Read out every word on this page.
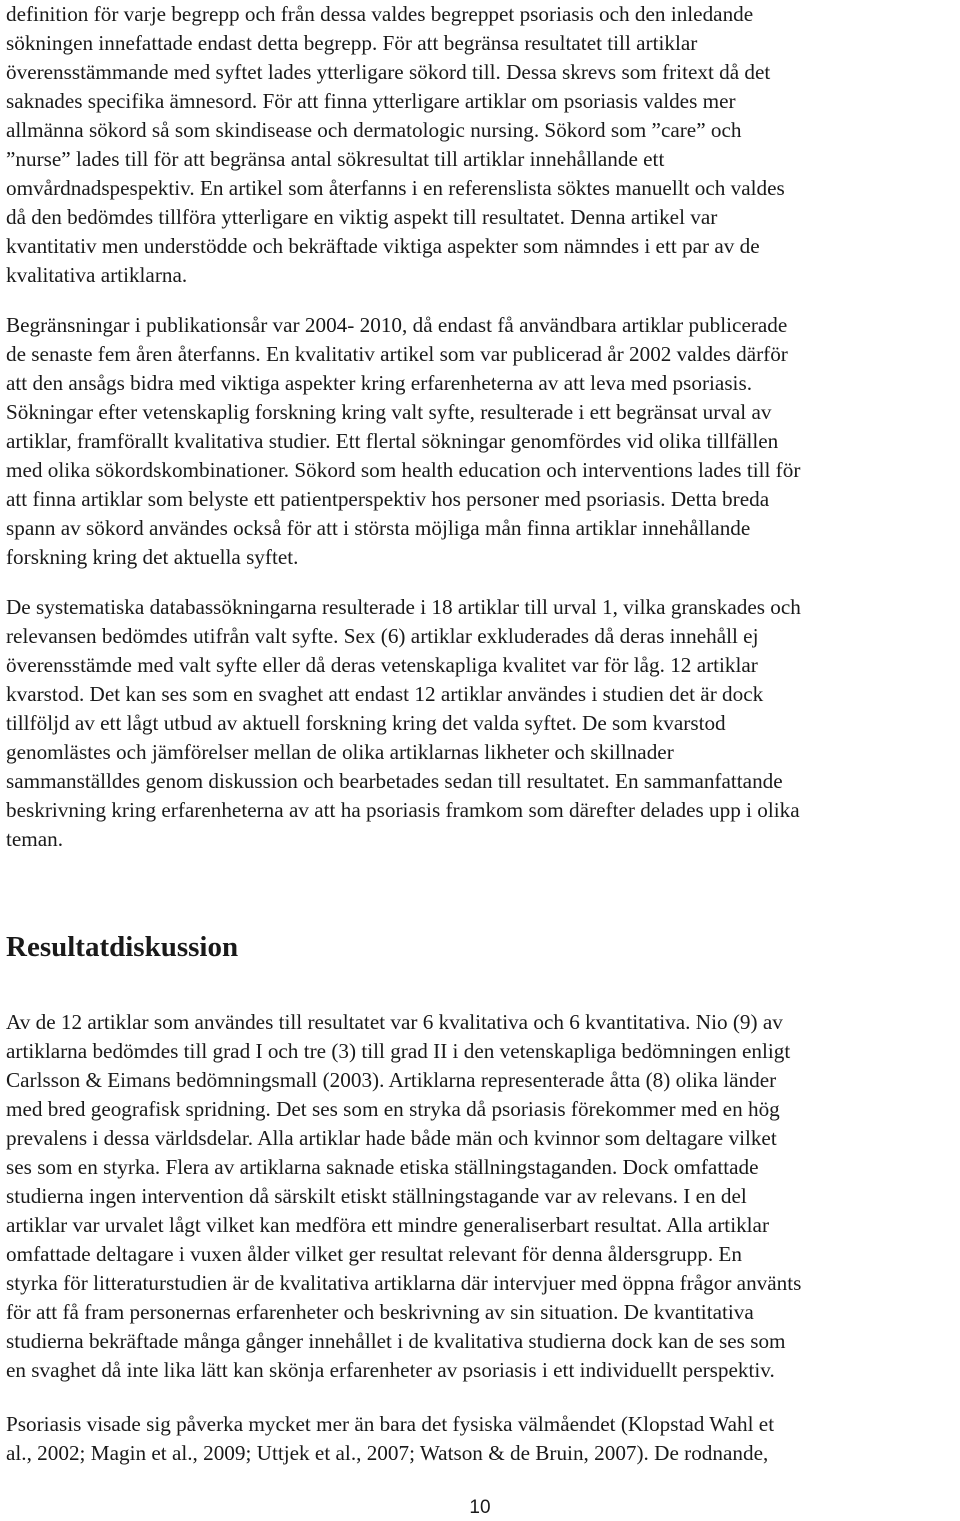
definition för varje begrepp och från dessa valdes begreppet psoriasis och den inledande
sökningen innefattade endast detta begrepp. För att begränsa resultatet till artiklar
överensstämmande med syftet lades ytterligare sökord till. Dessa skrevs som fritext då det
saknades specifika ämnesord. För att finna ytterligare artiklar om psoriasis valdes mer
allmänna sökord så som skindisease och dermatologic nursing. Sökord som ”care” och
”nurse” lades till för att begränsa antal sökresultat till artiklar innehållande ett
omvårdnadspespektiv. En artikel som återfanns i en referenslista söktes manuellt och valdes
då den bedömdes tillföra ytterligare en viktig aspekt till resultatet. Denna artikel var
kvantitativ men understödde och bekräftade viktiga aspekter som nämndes i ett par av de
kvalitativa artiklarna.
Begränsningar i publikationsår var 2004- 2010, då endast få användbara artiklar publicerade
de senaste fem åren återfanns. En kvalitativ artikel som var publicerad år 2002 valdes därför
att den ansågs bidra med viktiga aspekter kring erfarenheterna av att leva med psoriasis.
Sökningar efter vetenskaplig forskning kring valt syfte, resulterade i ett begränsat urval av
artiklar, framförallt kvalitativa studier. Ett flertal sökningar genomfördes vid olika tillfällen
med olika sökordskombinationer. Sökord som health education och interventions lades till för
att finna artiklar som belyste ett patientperspektiv hos personer med psoriasis. Detta breda
spann av sökord användes också för att i största möjliga mån finna artiklar innehållande
forskning kring det aktuella syftet.
De systematiska databassökningarna resulterade i 18 artiklar till urval 1, vilka granskades och
relevansen bedömdes utifrån valt syfte. Sex (6) artiklar exkluderades då deras innehåll ej
överensstämde med valt syfte eller då deras vetenskapliga kvalitet var för låg. 12 artiklar
kvarstod. Det kan ses som en svaghet att endast 12 artiklar användes i studien det är dock
tillföljd av ett lågt utbud av aktuell forskning kring det valda syftet. De som kvarstod
genomlästes och jämförelser mellan de olika artiklarnas likheter och skillnader
sammanställdes genom diskussion och bearbetades sedan till resultatet. En sammanfattande
beskrivning kring erfarenheterna av att ha psoriasis framkom som därefter delades upp i olika
teman.
Resultatdiskussion
Av de 12 artiklar som användes till resultatet var 6 kvalitativa och 6 kvantitativa. Nio (9) av
artiklarna bedömdes till grad I och tre (3) till grad II i den vetenskapliga bedömningen enligt
Carlsson & Eimans bedömningsmall (2003). Artiklarna representerade åtta (8) olika länder
med bred geografisk spridning. Det ses som en stryka då psoriasis förekommer med en hög
prevalens i dessa världsdelar. Alla artiklar hade både män och kvinnor som deltagare vilket
ses som en styrka. Flera av artiklarna saknade etiska ställningstaganden. Dock omfattade
studierna ingen intervention då särskilt etiskt ställningstagande var av relevans. I en del
artiklar var urvalet lågt vilket kan medföra ett mindre generaliserbart resultat. Alla artiklar
omfattade deltagare i vuxen ålder vilket ger resultat relevant för denna åldersgrupp. En
styrka för litteraturstudien är de kvalitativa artiklarna där intervjuer med öppna frågor använts
för att få fram personernas erfarenheter och beskrivning av sin situation. De kvantitativa
studierna bekräftade många gånger innehållet i de kvalitativa studierna dock kan de ses som
en svaghet då inte lika lätt kan skönja erfarenheter av psoriasis i ett individuellt perspektiv.
Psoriasis visade sig påverka mycket mer än bara det fysiska välmåendet (Klopstad Wahl et
al., 2002; Magin et al., 2009; Uttjek et al., 2007; Watson & de Bruin, 2007). De rodnande,
10
